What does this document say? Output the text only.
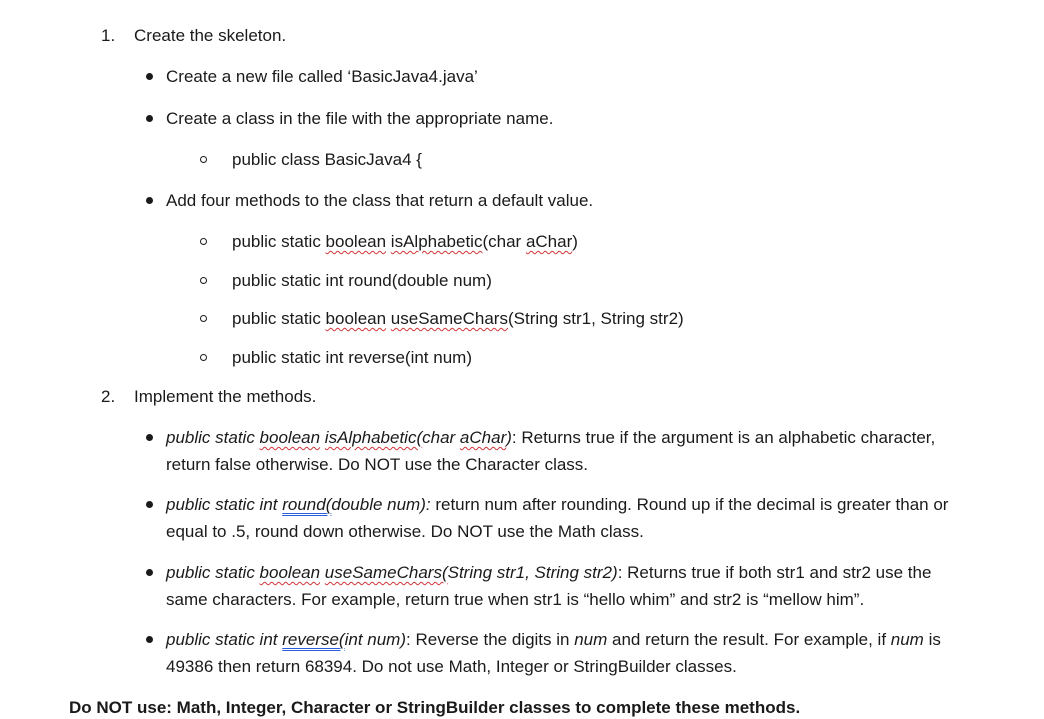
1. Create the skeleton.
Create a new file called ‘BasicJava4.java’
Create a class in the file with the appropriate name.
public class BasicJava4 {
Add four methods to the class that return a default value.
public static boolean isAlphabetic(char aChar)
public static int round(double num)
public static boolean useSameChars(String str1, String str2)
public static int reverse(int num)
2. Implement the methods.
public static boolean isAlphabetic(char aChar): Returns true if the argument is an alphabetic character, return false otherwise. Do NOT use the Character class.
public static int round(double num): return num after rounding. Round up if the decimal is greater than or equal to .5, round down otherwise. Do NOT use the Math class.
public static boolean useSameChars(String str1, String str2): Returns true if both str1 and str2 use the same characters. For example, return true when str1 is “hello whim” and str2 is “mellow him”.
public static int reverse(int num): Reverse the digits in num and return the result. For example, if num is 49386 then return 68394. Do not use Math, Integer or StringBuilder classes.
Do NOT use: Math, Integer, Character or StringBuilder classes to complete these methods.
